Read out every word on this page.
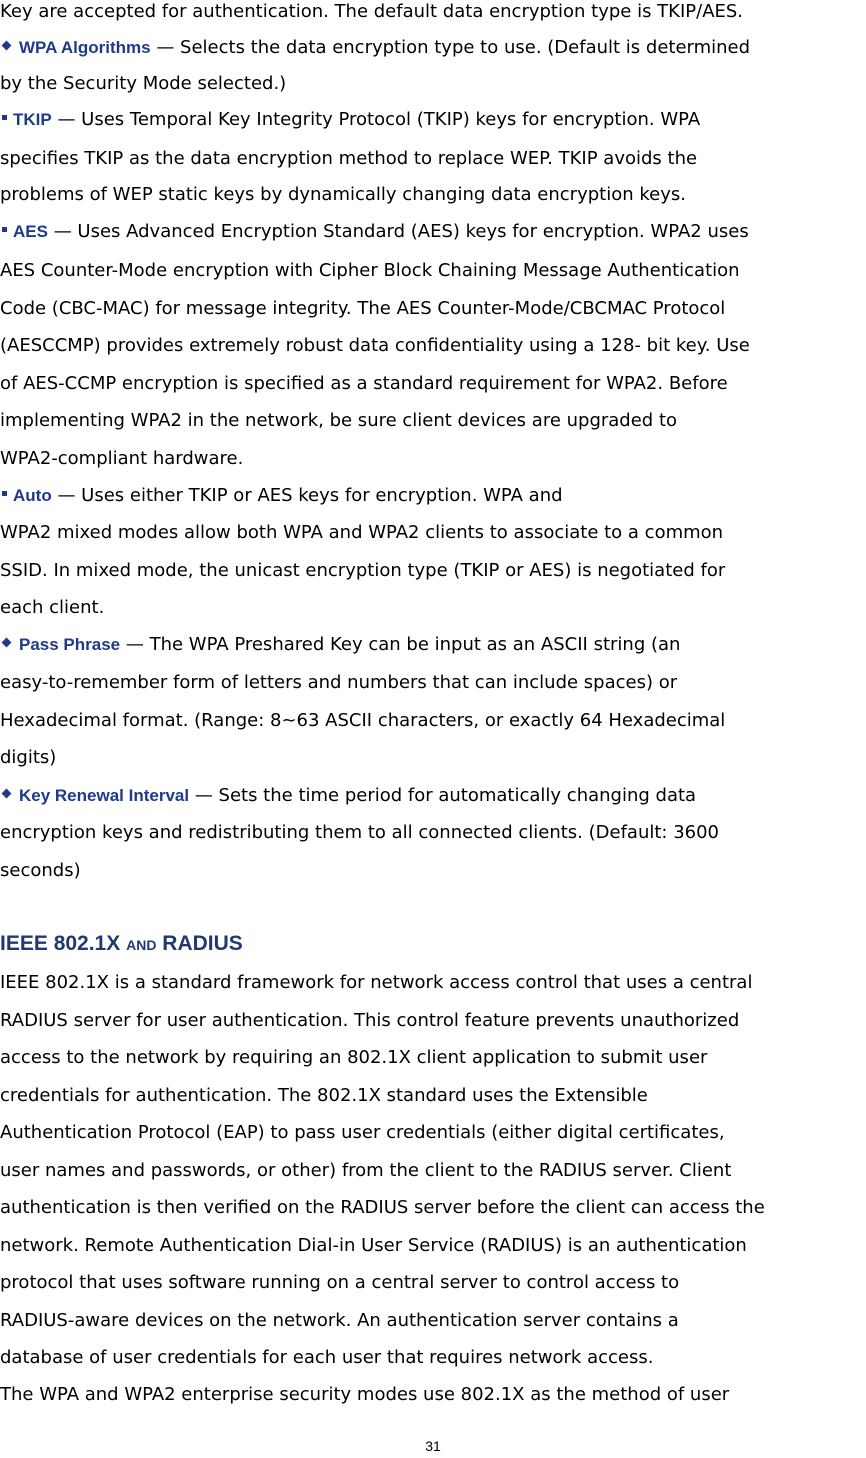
Key are accepted for authentication. The default data encryption type is TKIP/AES.
WPA Algorithms — Selects the data encryption type to use. (Default is determined
by the Security Mode selected.)
TKIP — Uses Temporal Key Integrity Protocol (TKIP) keys for encryption. WPA
specifies TKIP as the data encryption method to replace WEP. TKIP avoids the
problems of WEP static keys by dynamically changing data encryption keys.
AES — Uses Advanced Encryption Standard (AES) keys for encryption. WPA2 uses
AES Counter-Mode encryption with Cipher Block Chaining Message Authentication
Code (CBC-MAC) for message integrity. The AES Counter-Mode/CBCMAC Protocol
(AESCCMP) provides extremely robust data confidentiality using a 128- bit key. Use
of AES-CCMP encryption is specified as a standard requirement for WPA2. Before
implementing WPA2 in the network, be sure client devices are upgraded to
WPA2-compliant hardware.
Auto — Uses either TKIP or AES keys for encryption. WPA and
WPA2 mixed modes allow both WPA and WPA2 clients to associate to a common
SSID. In mixed mode, the unicast encryption type (TKIP or AES) is negotiated for
each client.
Pass Phrase — The WPA Preshared Key can be input as an ASCII string (an
easy-to-remember form of letters and numbers that can include spaces) or
Hexadecimal format. (Range: 8~63 ASCII characters, or exactly 64 Hexadecimal
digits)
Key Renewal Interval — Sets the time period for automatically changing data
encryption keys and redistributing them to all connected clients. (Default: 3600
seconds)
IEEE 802.1X AND RADIUS
IEEE 802.1X is a standard framework for network access control that uses a central
RADIUS server for user authentication. This control feature prevents unauthorized
access to the network by requiring an 802.1X client application to submit user
credentials for authentication. The 802.1X standard uses the Extensible
Authentication Protocol (EAP) to pass user credentials (either digital certificates,
user names and passwords, or other) from the client to the RADIUS server. Client
authentication is then verified on the RADIUS server before the client can access the
network. Remote Authentication Dial-in User Service (RADIUS) is an authentication
protocol that uses software running on a central server to control access to
RADIUS-aware devices on the network. An authentication server contains a
database of user credentials for each user that requires network access.
The WPA and WPA2 enterprise security modes use 802.1X as the method of user
31
